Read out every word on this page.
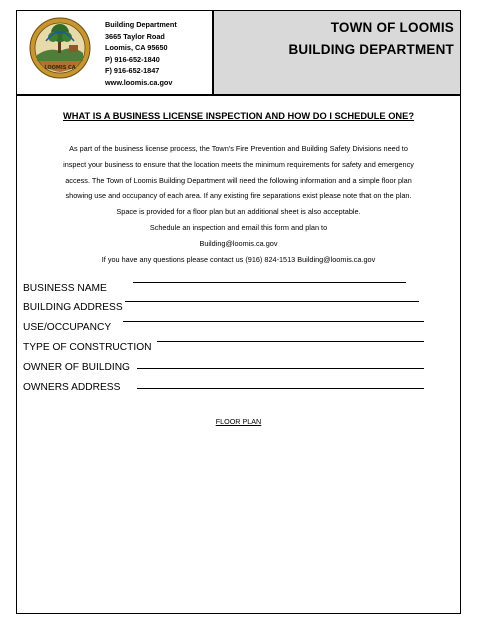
TOWN OF LOOMIS
BUILDING DEPARTMENT
LOOMIS CA
Building Department
3665 Taylor Road
Loomis, CA 95650
P) 916-652-1840
F) 916-652-1847
www.loomis.ca.gov
WHAT IS A BUSINESS LICENSE INSPECTION AND HOW DO I SCHEDULE ONE?
As part of the business license process, the Town’s Fire Prevention and Building Safety Divisions need to
inspect your business to ensure that the location meets the minimum requirements for safety and emergency
access. The Town of Loomis Building Department will need the following information and a simple floor plan
showing use and occupancy of each area. If any existing fire separations exist please note that on the plan.
Space is provided for a floor plan but an additional sheet is also acceptable.
Schedule an inspection and email this form and plan to
Building@loomis.ca.gov
If you have any questions please contact us (916) 824-1513 Building@loomis.ca.gov
BUSINESS NAME
BUILDING ADDRESS
USE/OCCUPANCY
TYPE OF CONSTRUCTION
OWNER OF BUILDING
OWNERS ADDRESS
FLOOR PLAN
